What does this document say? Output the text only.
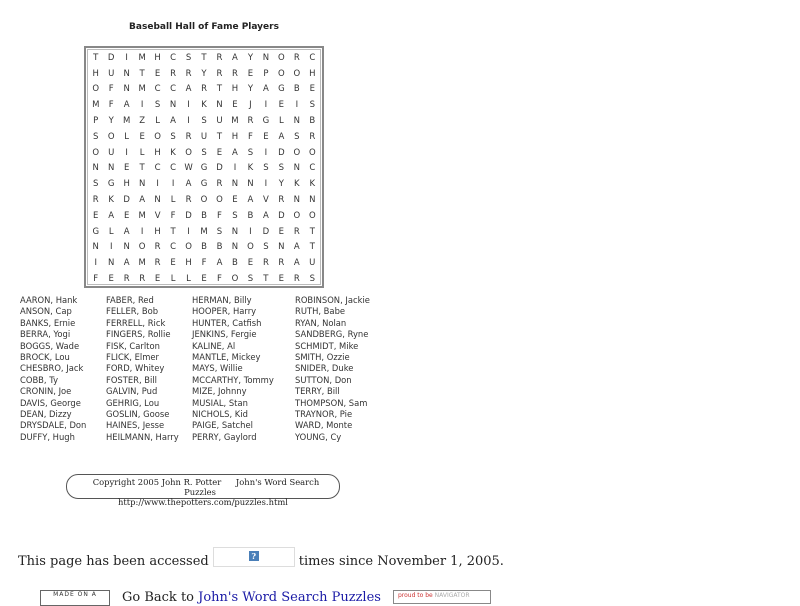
Baseball Hall of Fame Players
T	D	I	M	H	C	S	T	R	A	Y	N	O	R	C
H	U	N	T	E	R	R	Y	R	R	E	P	O	O	H
O	F	N	M	C	C	A	R	T	H	Y	A	G	B	E
M	F	A	I	S	N	I	K	N	E	J	I	E	I	S
P	Y	M	Z	L	A	I	S	U	M	R	G	L	N	B
S	O	L	E	O	S	R	U	T	H	F	E	A	S	R
O	U	I	L	H	K	O	S	E	A	S	I	D	O	O
N	N	E	T	C	C W G	D	I	K	S	S	N	C
S	G	H	N	I	I	A	G	R	N	N	I	Y	K	K
R	K	D	A	N	L	R	O	O	E	A	V	R	N	N
E	A	E	M	V	F	D	B	F	S	B	A	D	O	O
G	L	A	I	H	T	I	M	S	N	I	D	E	R	T
N	I	N	O	R	C	O	B	B	N	O	S	N	A	T
I	N	A	M	R	E	H	F	A	B	E	R	R	A	U
F	E	R	R	E	L	L	E	F	O	S	T	E	R	S
AARON, Hank
ANSON, Cap
BANKS, Ernie
BERRA, Yogi
BOGGS, Wade
BROCK, Lou
CHESBRO, Jack
COBB, Ty
CRONIN, Joe
DAVIS, George
DEAN, Dizzy
DRYSDALE, Don
DUFFY, Hugh
FABER, Red
FELLER, Bob
FERRELL, Rick
FINGERS, Rollie
FISK, Carlton
FLICK, Elmer
FORD, Whitey
FOSTER, Bill
GALVIN, Pud
GEHRIG, Lou
GOSLIN, Goose
HAINES, Jesse
HEILMANN, Harry
HERMAN, Billy
HOOPER, Harry
HUNTER, Catfish
JENKINS, Fergie
KALINE, Al
MANTLE, Mickey
MAYS, Willie
MCCARTHY, Tommy
MIZE, Johnny
MUSIAL, Stan
NICHOLS, Kid
PAIGE, Satchel
PERRY, Gaylord
ROBINSON, Jackie
RUTH, Babe
RYAN, Nolan
SANDBERG, Ryne
SCHMIDT, Mike
SMITH, Ozzie
SNIDER, Duke
SUTTON, Don
TERRY, Bill
THOMPSON, Sam
TRAYNOR, Pie
WARD, Monte
YOUNG, Cy
Copyright 2005 John R. Potter John's Word Search Puzzles
http://www.thepotters.com/puzzles.html
This page has been accessed	?	times since November 1, 2005.
MADE ON A	Go Back to John's Word Search Puzzles	proud to be NAVIGATOR
